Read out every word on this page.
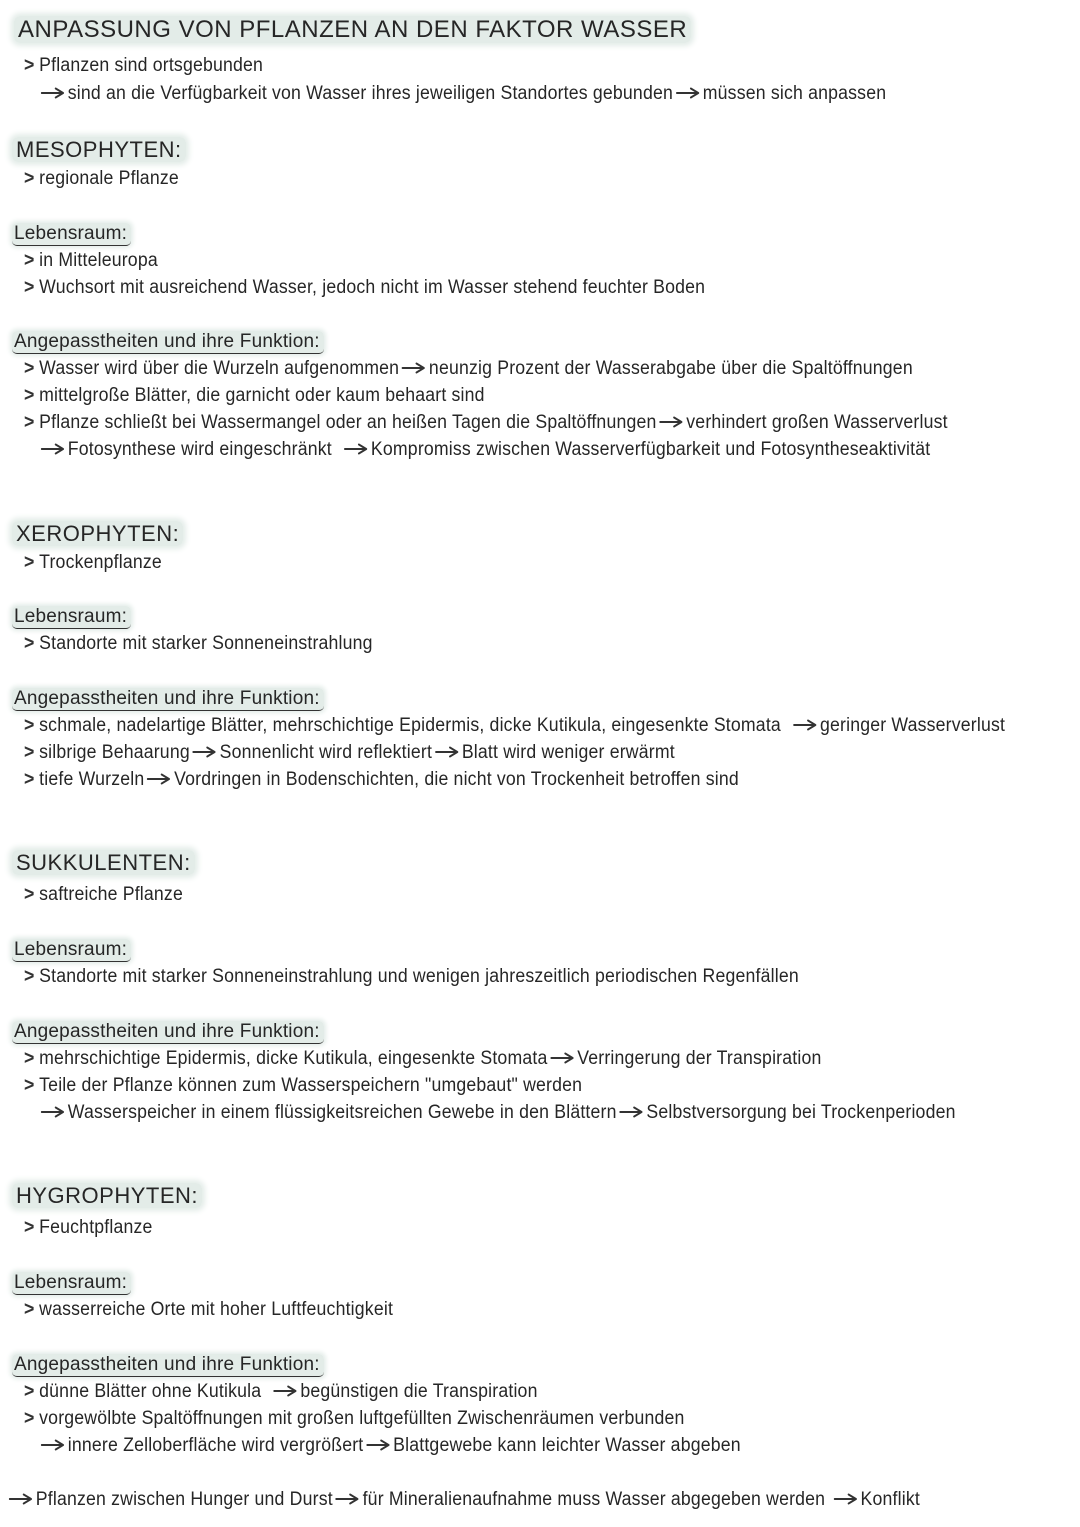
ANPASSUNG VON PFLANZEN AN DEN FAKTOR WASSER
> Pflanzen sind ortsgebunden
sind an die Verfügbarkeit von Wasser ihres jeweiligen Standortes gebunden müssen sich anpassen
MESOPHYTEN:
> regionale Pflanze
Lebensraum:
> in Mitteleuropa
> Wuchsort mit ausreichend Wasser, jedoch nicht im Wasser stehend feuchter Boden
Angepasstheiten und ihre Funktion:
> Wasser wird über die Wurzeln aufgenommen neunzig Prozent der Wasserabgabe über die Spaltöffnungen
> mittelgroße Blätter, die garnicht oder kaum behaart sind
> Pflanze schließt bei Wassermangel oder an heißen Tagen die Spaltöffnungen verhindert großen Wasserverlust
Fotosynthese wird eingeschränkt Kompromiss zwischen Wasserverfügbarkeit und Fotosyntheseaktivität
XEROPHYTEN:
> Trockenpflanze
Lebensraum:
> Standorte mit starker Sonneneinstrahlung
Angepasstheiten und ihre Funktion:
> schmale, nadelartige Blätter, mehrschichtige Epidermis, dicke Kutikula, eingesenkte Stomata geringer Wasserverlust
> silbrige Behaarung Sonnenlicht wird reflektiert Blatt wird weniger erwärmt
> tiefe Wurzeln Vordringen in Bodenschichten, die nicht von Trockenheit betroffen sind
SUKKULENTEN:
> saftreiche Pflanze
Lebensraum:
> Standorte mit starker Sonneneinstrahlung und wenigen jahreszeitlich periodischen Regenfällen
Angepasstheiten und ihre Funktion:
> mehrschichtige Epidermis, dicke Kutikula, eingesenkte Stomata Verringerung der Transpiration
> Teile der Pflanze können zum Wasserspeichern "umgebaut" werden
Wasserspeicher in einem flüssigkeitsreichen Gewebe in den Blättern Selbstversorgung bei Trockenperioden
HYGROPHYTEN:
> Feuchtpflanze
Lebensraum:
> wasserreiche Orte mit hoher Luftfeuchtigkeit
Angepasstheiten und ihre Funktion:
> dünne Blätter ohne Kutikula begünstigen die Transpiration
> vorgewölbte Spaltöffnungen mit großen luftgefüllten Zwischenräumen verbunden
innere Zelloberfläche wird vergrößert Blattgewebe kann leichter Wasser abgeben
Pflanzen zwischen Hunger und Durst für Mineralienaufnahme muss Wasser abgegeben werden Konflikt
